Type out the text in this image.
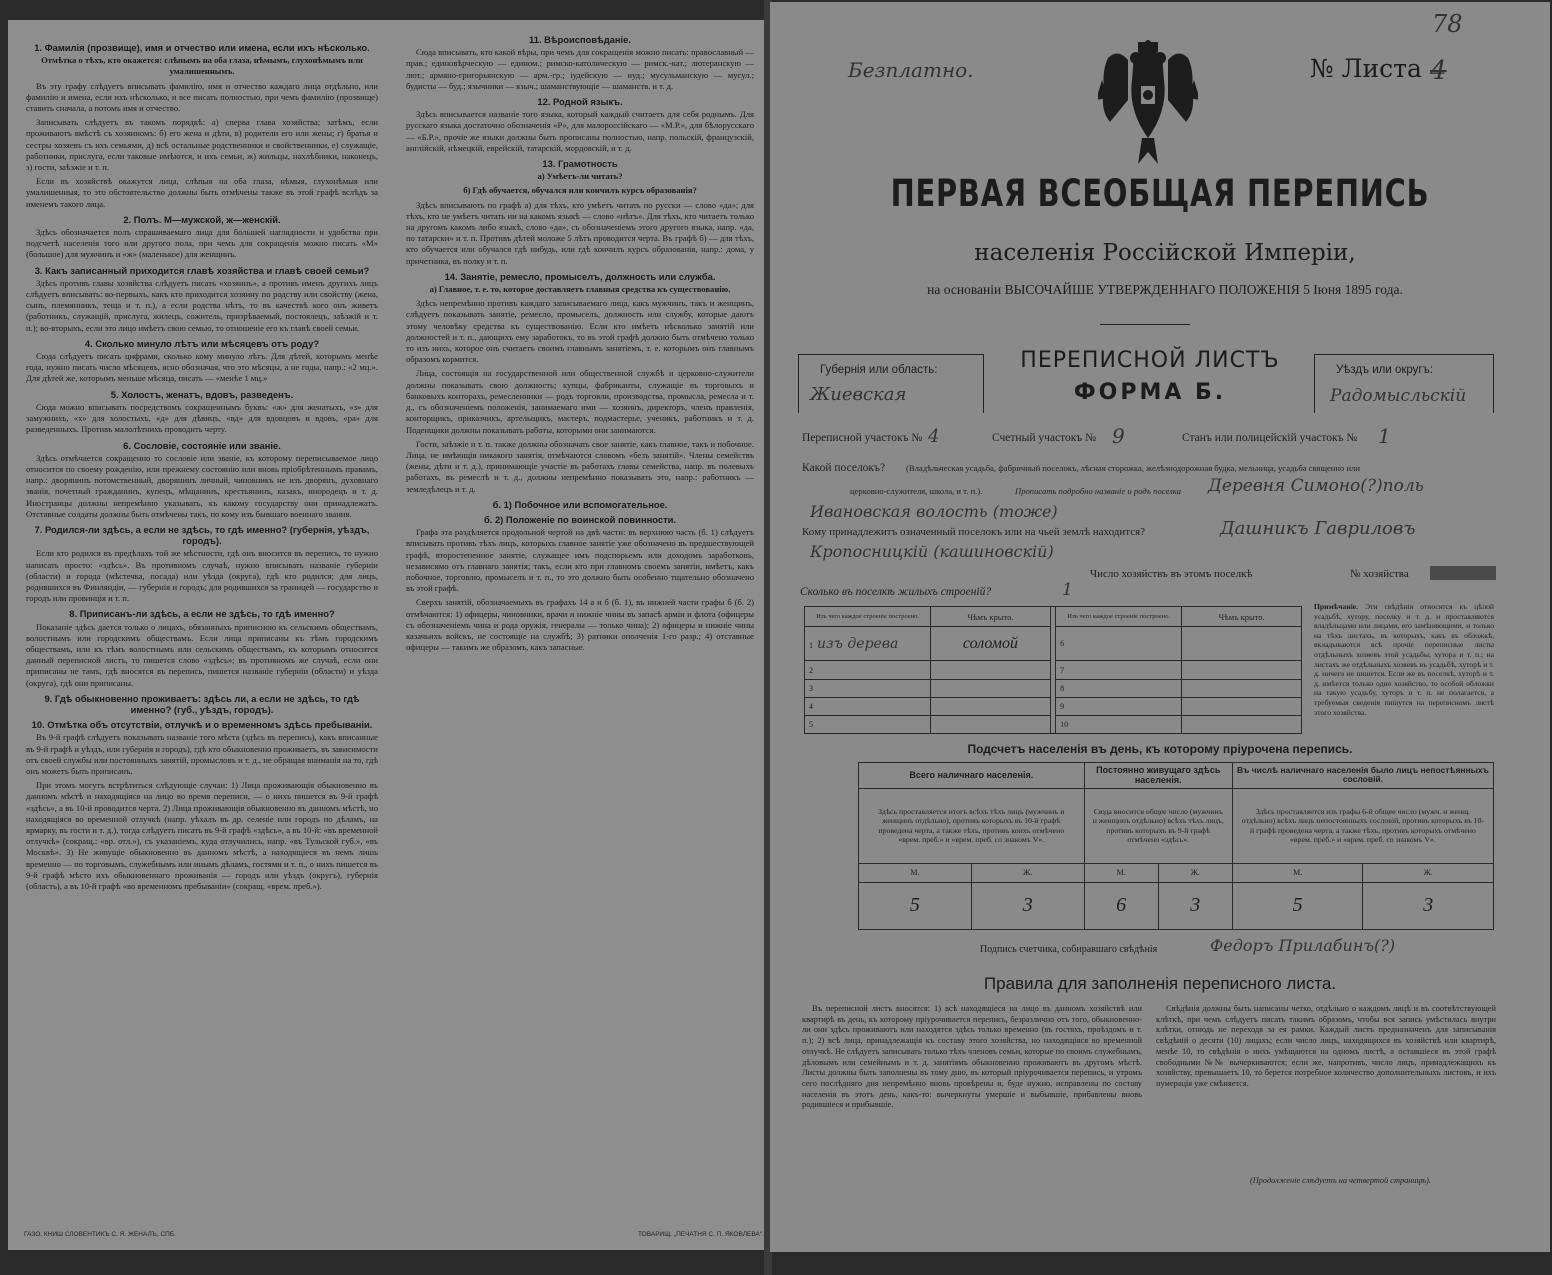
1. Фамилія (прозвище), имя и отчество или имена, если ихъ нѣсколько.

Отмѣтка о тѣхъ, кто окажется: слѣпымъ на оба глаза, нѣмымъ, глухонѣмымъ или умалишеннымъ.

Въ эту графу слѣдуетъ вписывать фамилію, имя и отчество каждаго лица отдѣльно, или фамилію и имена, если ихъ нѣсколько, и все писать полностью, при чемъ фамилію (прозвище) ставить сначала, а потомъ имя и отчество.

Записывать слѣдуетъ въ такомъ порядкѣ: а) сперва глава хозяйства; затѣмъ, если проживаютъ вмѣстѣ съ хозяиномъ: б) его жена и дѣти, в) родители его или жены; г) братья и сестры хозяевъ съ ихъ семьями, д) всѣ остальные родственники и свойственники, е) служащіе, работники, прислуга, если таковые имѣются, и ихъ семьи, ж) жильцы, нахлѣбники, наконецъ, з) гости, заѣзжіе и т. п.

Если въ хозяйствѣ окажутся лица, слѣпыя на оба глаза, нѣмыя, глухонѣмыя или умалишенныя, то это обстоятельство должны быть отмѣчены также въ этой графѣ вслѣдъ за именемъ такого лица.

2. Полъ. М—мужской, ж—женскій.

Здѣсь обозначается полъ спрашиваемаго лица для большей наглядности и удобства при подсчетѣ населенія того или другого пола, при чемъ для сокращенія можно писать «М» (большое) для мужчинъ и «ж» (маленькое) для женщинъ.

3. Какъ записанный приходится главѣ хозяйства и главѣ своей семьи?

Здѣсь противъ главы хозяйства слѣдуетъ писать «хозяинъ», а противъ именъ другихъ лицъ слѣдуетъ вписывать: во-первыхъ, какъ кто приходится хозяину по родству или свойству (жена, сынъ, племянникъ, теща и т. п.), а если родства нѣтъ, то въ качествѣ кого онъ живетъ (работникъ, служащій, прислуга, жилецъ, сожитель, призрѣваемый, постоялецъ, заѣзжій и т. п.); во-вторыхъ, если это лицо имѣетъ свою семью, то отношеніе его къ главѣ своей семьи.

4. Сколько минуло лѣтъ или мѣсяцевъ отъ роду?

Сюда слѣдуетъ писать цифрами, сколько кому минуло лѣтъ. Для дѣтей, которымъ менѣе года, нужно писать число мѣсяцевъ, ясно обозначая, что это мѣсяцы, а не годы, напр.: «2 мц.». Для дѣтей же, которымъ меньше мѣсяца, писать — «менѣе 1 мц.»

5. Холостъ, женатъ, вдовъ, разведенъ.

Сюда можно вписывать посредствомъ сокращеннымъ буквъ: «ж» для женатыхъ, «з» для замужнихъ, «х» для холостыхъ, «д» для дѣвицъ, «вд» для вдовцовъ и вдовъ, «ра» для разведенныхъ. Противъ малолѣтнихъ проводить черту.

6. Сословіе, состояніе или званіе.

Здѣсь отмѣчается сокращенно то сословіе или званіе, къ которому переписываемое лицо относится по своему рожденію, или прежнему состоянію или вновь пріобрѣтеннымъ правамъ, напр.: дворянинъ потомственный, дворянинъ личный, чиновникъ не изъ дворянъ, духовнаго званія, почетный гражданинъ, купецъ, мѣщанинъ, крестьянинъ, казакъ, инородецъ и т. д. Иностранцы должны непремѣнно указывать, къ какому государству они принадлежатъ. Отставные солдаты должны быть отмѣчены такъ, по кому изъ бывшаго военнаго звания.

7. Родился-ли здѣсь, а если не здѣсь, то гдѣ именно? (губернія, уѣздъ, городъ).

Если кто родился въ предѣлахъ той же мѣстности, гдѣ онъ вносится въ перепись, то нужно написать просто: «здѣсь». Въ противномъ случаѣ, нужно вписывать названіе губерніи (области) и города (мѣстечка, посада) или уѣзда (округа), гдѣ кто родился; для лицъ, родившихся въ Финляндіи, — губернія и городъ; для родившихся за границей — государство и городъ или провинція и т. п.

8. Приписанъ-ли здѣсь, а если не здѣсь, то гдѣ именно?

Показаніе здѣсь дается только о лицахъ, обязанныхъ приписною къ сельскимъ обществамъ, волостнымъ или городскимъ обществамъ. Если лица приписаны къ тѣмъ городскимъ обществамъ, или къ тѣмъ волостнымъ или сельскимъ обществамъ, къ которымъ относится данный переписной листъ, то пишется слово «здѣсь»; въ противномъ же случаѣ, если они приписаны не тамъ, гдѣ вносятся въ перепись, пишется названіе губерніи (области) и уѣзда (округа), гдѣ они приписаны.

9. Гдѣ обыкновенно проживаетъ: здѣсь ли, а если не здѣсь, то гдѣ именно? (губ., уѣздъ, городъ).
10. Отмѣтка объ отсутствіи, отлучкѣ и о временномъ здѣсь пребываніи.

Въ 9-й графѣ слѣдуетъ показывать названіе того мѣста (здѣсь въ перепись), какъ вписанные въ 9-й графѣ и уѣздъ, или губернія и городъ), гдѣ кто обыкновенно проживаетъ, въ зависимости отъ своей службы или постоянныхъ занятій, промысловъ и т. д., не обращая вниманія на то, гдѣ онъ можетъ быть приписанъ.

При этомъ могутъ встрѣтиться слѣдующіе случаи: 1) Лица проживающія обыкновенно въ данномъ мѣстѣ и находящіяся на лицо во время переписи, — о нихъ пишется въ 9-й графѣ «здѣсь», а въ 10-й проводится черта. 2) Лица проживающія обыкновенно въ данномъ мѣстѣ, но находящіяся во временной отлучкѣ (напр. уѣхалъ въ др. селеніе или городъ по дѣламъ, на ярмарку, въ гости и т. д.), тогда слѣдуетъ писать въ 9-й графѣ «здѣсь», а въ 10-й: «въ временной отлучкѣ» (сокращ.: «вр. отл.»), съ указаніемъ, куда отлучились, напр. «въ Тульской губ.», «въ Москвѣ». 3) Не живущіе обыкновенно въ данномъ мѣстѣ, а находящіеся въ немъ лишь временно — по торговымъ, служебнымъ или инымъ дѣламъ, гостями и т. п., о нихъ пишется въ 9-й графѣ мѣсто ихъ обыкновеннаго проживанія — городъ или уѣздъ (округъ), губернія (область), а въ 10-й графѣ «во временномъ пребываніи» (сокращ. «врем. преб.»).

11. Вѣроисповѣданіе.

Сюда вписывать, кто какой вѣры, при чемъ для сокращенія можно писать: православный — прав.; единовѣрческую — едином.; римско-католическую — римск.-кат.; лютеранскую — лют.; армяно-григорьянскую — арм.-гр.; іудейскую — иуд.; мусульманскую — мусул.; будисты — буд.; язычники — языч.; шаманствующіе — шаманств. и т. д.

12. Родной языкъ.

Здѣсь вписывается названіе того языка, который каждый считаетъ для себя роднымъ. Для русскаго языка достаточно обозначенія «Р», для малороссійскаго — «М.Р.», для бѣлорусскаго — «Б.Р.», прочіе же языки должны быть прописаны полностью, напр. польскій, французскій, англійскій, нѣмецкій, еврейскій, татарскій, мордовскій, и т. д.

13. Грамотность

а) Умѣетъ-ли читать?

б) Гдѣ обучается, обучался или кончилъ курсъ образованія?

Здѣсь вписывають по графѣ а) для тѣхъ, кто умѣетъ читать по русски — слово «да»; для тѣхъ, кто не умѣетъ читать ни на какомъ языкѣ — слово «нѣтъ». Для тѣхъ, кто читаетъ только на другомъ какомъ либо языкѣ, слово «да», съ обозначеніемъ этого другого языка, напр. «да, по татарски» и т. п. Противъ дѣтей моложе 5 лѣтъ проводится черта. Въ графѣ б) — для тѣхъ, кто обучается или обучался гдѣ нибудь, или гдѣ кончилъ курсъ образованія, напр.: дома, у причетника, въ полку и т. п.

14. Занятіе, ремесло, промыселъ, должность или служба.

а) Главное, т. е. то, которое доставляетъ главныя средства къ существованію.

Здѣсь непремѣнно противъ каждаго записываемаго лица, какъ мужчинъ, такъ и женщинъ, слѣдуетъ показывать занятіе, ремесло, промыселъ, должность или службу, которые даютъ этому человѣку средства къ существованію. Если кто имѣетъ нѣсколько занятій или должностей и т. п., дающихъ ему заработокъ, то въ этой графѣ должно быть отмѣчено только то изъ нихъ, которое онъ считаетъ своимъ главнымъ занятіемъ, т. е. которымъ онъ главнымъ образомъ кормится.

Лица, состоящія на государственной или общественной службѣ и церковно-служители должны показывать свою должность; купцы, фабриканты, служащіе въ торговыхъ и банковыхъ конторахъ, ремесленники — родъ торговли, производства, промысла, ремесла и т. д., съ обозначеніемъ положенія, занимаемаго ими — хозяинъ, директоръ, членъ правленія, конторщикъ, приказчикъ, артельщикъ, мастеръ, подмастерье, ученикъ, работникъ и т. д. Поденщики должны показывать работы, которыми они занимаются.

Гости, заѣзжіе и т. п. также должны обозначать свое занятіе, какъ главное, такъ и побочное. Лица, не имѣющія никакого занятія, отмѣчаются словомъ «безъ занятій». Члены семействъ (жены, дѣти и т. д.), принимающіе участіе въ работахъ главы семейства, напр. въ полевыхъ работахъ, въ ремеслѣ и т. д., должны непремѣнно показывать это, напр.: работникъ — земледѣлецъ и т. д.

б. 1) Побочное или вспомогательное.
б. 2) Положеніе по воинской повинности.

Графа эта раздѣляется продольной чертой на двѣ части: въ верхнюю часть (б. 1) слѣдуетъ вписывать противъ тѣхъ лицъ, которыхъ главное занятіе уже обозначено въ предшествующей графѣ, второстепенное занятіе, служащее имъ подспорьемъ или доходомъ заработковъ, независимо отъ главнаго занятія; такъ, если кто при главномъ своемъ занятіи, имѣетъ, какъ побочное, торговлю, промыселъ и т. п., то это должно быть особенно тщательно обозначено въ этой графѣ.

Сверхъ занятій, обозначаемыхъ въ графахъ 14 а и б (б. 1), въ нижней части графы б (б. 2) отмѣчаются: 1) офицеры, чиновники, врачи и нижніе чины въ запасѣ арміи и флота (офицеры съ обозначеніемъ чина и рода оружія, генералы — только чина); 2) офицеры и нижніе чины казачьихъ войскъ, не состоящіе на службѣ; 3) ратники ополченія 1-го разр.; 4) отставные офицеры — такимъ же образомъ, какъ запасные.

ГАЗО. КНИШ СЛОВЕНТИКЪ С. Я. ЖЕНАЛЪ, СПБ.	ТОВАРИЩ. „ПЕЧАТНЯ С. П. ЯКОВЛЕВА“.
Безплатно.	№ Листа 4
78
ПЕРВАЯ ВСЕОБЩАЯ ПЕРЕПИСЬ
населенія Россійской Имперіи,
на основаніи ВЫСОЧАЙШЕ УТВЕРЖДЕННАГО ПОЛОЖЕНІЯ 5 Іюня 1895 года.
Губернія или область:
Жиевская
Уѣздъ или округъ:
Радомысльскій
ПЕРЕПИСНОЙ ЛИСТЪ
ФОРМА Б.
Переписной участокъ № 4	Счетный участокъ № 9	Станъ или полицейскій участокъ № 1
Какой поселокъ? (Владѣльческая усадьба, фабричный поселокъ, лѣсная сторожка, желѣзнодорожная будка, мельница, усадьба священно или
церковно-служителя, школа, и т. п.).	Прописать подробно названіе и родъ поселка Деревня Симоно(?)поль
Ивановская волость (тоже)
Кому принадлежитъ означенный поселокъ или на чьей землѣ находится?	Дашникъ Гавриловъ
Кропосницкій (кашиновскій)
Число хозяйствъ въ этомъ поселкѣ	№ хозяйства
Сколько въ поселкѣ жилыхъ строеній?	1
Изъ чего каждое строеніе построено.	Чѣмъ крыто.		Изъ чего каждое строеніе построено.	Чѣмъ крыто.
1 изъ дерева	соломой		6	
2			7	
3			8	
4			9	
5			10	
Примѣчаніе. Эти свѣдѣнія относятся къ цѣлой усадьбѣ, хутору, поселку и т. д. и проставляются владѣльцами или лицами, его замѣняющими, и только на тѣхъ листахъ, въ которыхъ, какъ въ обложкѣ, вкладываются всѣ прочіе переписные листы отдѣльныхъ хозяевъ этой усадьбы, хутора и т. п.; на листахъ же отдѣльныхъ хозяевъ въ усадьбѣ, хуторѣ и т. д. ничего не пишется. Если же въ поселкѣ, хуторѣ и т. д. имѣется только одно хозяйство, то особой обложки на такую усадьбу, хуторъ и т. п. не полагается, а требуемыя сведенія пишутся на переписномъ листѣ этого хозяйства.
Подсчетъ населенія въ день, къ которому пріурочена перепись.
Всего наличнаго населенія.		Постоянно живущаго здѣсь населенія.		Въ числѣ наличнаго населенія было лицъ непостѣянныхъ сословій.	
Здѣсь проставляется итогъ всѣхъ тѣхъ лицъ (мужчинъ и женщинъ отдѣльно), противъ которыхъ въ 10-й графѣ проведена черта, а также тѣхъ, противъ коихъ отмѣчено «врем. преб.» и «врем. преб. со знакомъ V».		Сюда вносится общее число (мужчинъ и женщинъ отдѣльно) всѣхъ тѣхъ лицъ, противъ которыхъ въ 9-й графѣ отмѣчено «здѣсь».		Здѣсь проставляется изъ графы 6-й общее число (мужч. и женщ. отдѣльно) всѣхъ лицъ непостоянныхъ сословій, противъ которыхъ въ 10-й графѣ проведена черта, а также тѣхъ, противъ которыхъ отмѣчено «врем. преб.» и «врем. преб. со знакомъ V».	
М.	Ж.	М.	Ж.	М.	Ж.
5	3	6	3	5	3
Подпись счетчика, собиравшаго свѣдѣнія	Федоръ Прилабинъ(?)
Правила для заполненія переписного листа.
Въ переписной листъ вносятся: 1) всѣ находящіеся на лицо въ данномъ хозяйствѣ или квартирѣ въ день, къ которому пріурочивается перепись, безразлично отъ того, обыкновенно-ли они здѣсь проживаютъ или находятся здѣсь только временно (въ гостяхъ, проѣздомъ и т. п.); 2) всѣ лица, принадлежащія къ составу этого хозяйства, но находящіяся во временной отлучкѣ. Не слѣдуетъ записывать только тѣхъ членовъ семьи, которые по своимъ служебнымъ, дѣловымъ или семейнымъ и т. д. занятіямъ обыкновенно проживаютъ въ другомъ мѣстѣ. Листы должны быть заполнены въ тому дню, въ который пріурочивается перепись, и утромъ сего послѣдняго дня непремѣнно вновь провѣрены и, буде нужно, исправлены по составу населенія въ этотъ день, какъ-то: вычеркнуты умершіе и выбывшіе, прибавлены вновь родившіеся и прибывшіе.
Свѣдѣнія должны быть написаны четко, отдѣльно о каждомъ лицѣ и въ соотвѣтствующей клѣткѣ, при чемъ слѣдуетъ писать такимъ образомъ, чтобы вся запись умѣстилась внутри клѣтки, отнюдь не переходя за ея рамки. Каждый листъ предназначенъ для записыванія свѣдѣній о десяти (10) лицахъ; если число лицъ, находящихся въ хозяйствѣ или квартирѣ, менѣе 10, то свѣдѣнія о нихъ умѣщаются на одномъ листѣ, а оставшіеся въ этой графѣ свободными №№ вычеркиваются; если же, напротивъ, число лицъ, принадлежащихъ къ хозяйству, превышаетъ 10, то берется потребное количество дополнительныхъ листовъ, и ихъ нумерація уже смѣняется.
(Продолженіе слѣдуетъ на четвертой страницѣ).
